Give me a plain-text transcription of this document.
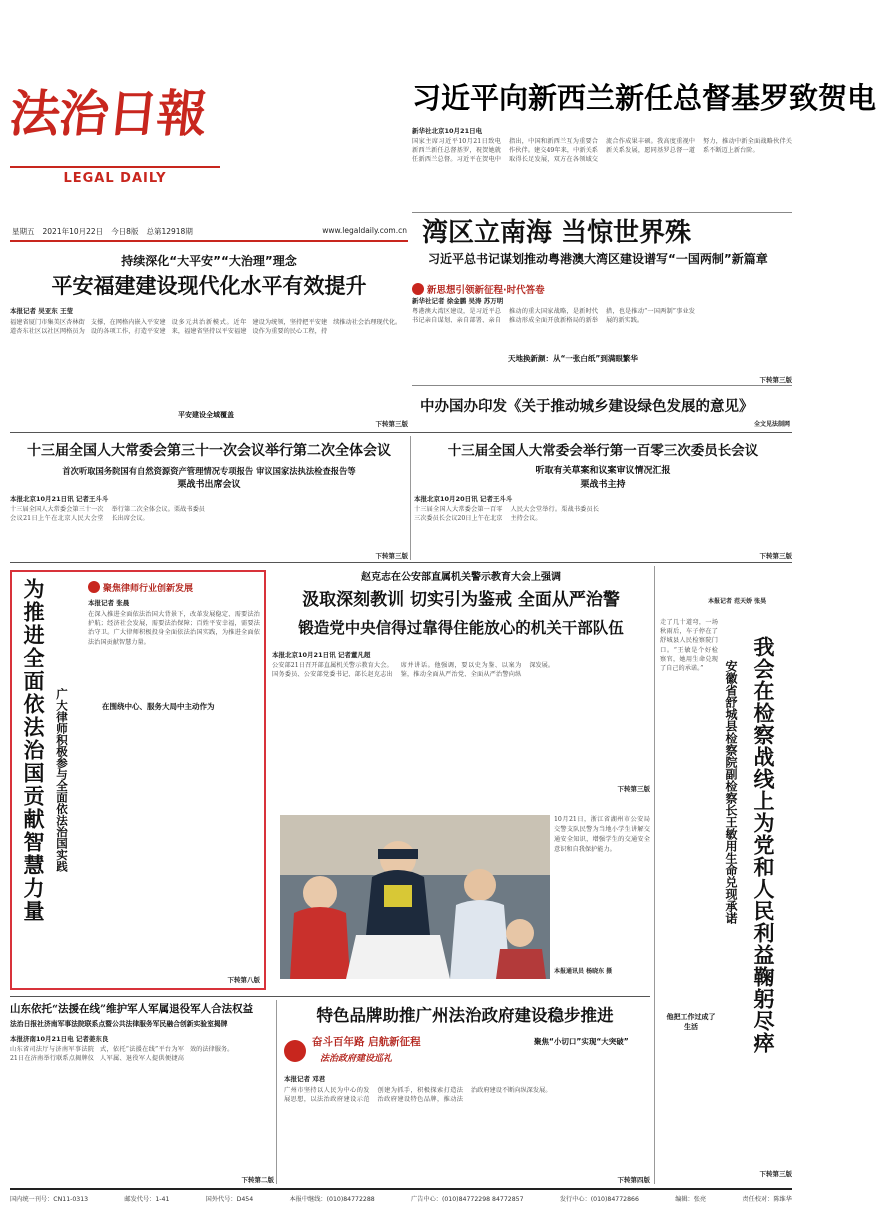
法治日報
LEGAL DAILY
星期五 2021年10月22日 今日8版 总第12918期	www.legaldaily.com.cn
习近平向新西兰新任总督基罗致贺电
新华社北京10月21日电
国家主席习近平10月21日致电新西兰新任总督基罗，祝贺她就任新西兰总督。习近平在贺电中指出，中国和新西兰互为重要合作伙伴。建交49年来，中新关系取得长足发展，双方在各领域交流合作成果丰硕。我高度重视中新关系发展，愿同基罗总督一道努力，推动中新全面战略伙伴关系不断迈上新台阶。
湾区立南海 当惊世界殊
习近平总书记谋划推动粤港澳大湾区建设谱写“一国两制”新篇章
新思想引领新征程·时代答卷
新华社记者 徐金鹏 吴涛 苏万明
粤港澳大湾区建设，是习近平总书记亲自谋划、亲自部署、亲自推动的重大国家战略，是新时代推动形成全面开放新格局的新举措，也是推动“一国两制”事业发展的新实践。
天地换新颜：从“一张白纸”到满眼繁华
下转第三版
中办国办印发《关于推动城乡建设绿色发展的意见》
全文见法制网
持续深化“大平安”“大治理”理念
平安福建建设现代化水平有效提升
本报记者 吴亚东 王莹
福建省厦门市集美区杏林街道杏东社区以社区网格员为支撑，在网格内嵌入平安建设的各项工作，打造平安建设多元共治新模式。近年来，福建省坚持以平安福建建设为统领，坚持把平安建设作为重要的民心工程，持续推动社会治理现代化。
平安建设全域覆盖
下转第三版
十三届全国人大常委会第三十一次会议举行第二次全体会议
首次听取国务院国有自然资源资产管理情况专项报告 审议国家法执法检查报告等
栗战书出席会议
本报北京10月21日讯 记者王斗斗
十三届全国人大常委会第三十一次会议21日上午在北京人民大会堂举行第二次全体会议。栗战书委员长出席会议。
下转第三版
十三届全国人大常委会举行第一百零三次委员长会议
听取有关草案和议案审议情况汇报
栗战书主持
本报北京10月20日讯 记者王斗斗
十三届全国人大常委会第一百零三次委员长会议20日上午在北京人民大会堂举行。栗战书委员长主持会议。
下转第三版
为推进全面依法治国贡献智慧力量 广大律师积极参与全面依法治国实践
聚焦律师行业创新发展
本报记者 张晨
在深入推进全面依法治国大背景下，改革发展稳定、需要法治护航；经济社会发展，需要法治保障；百姓平安幸福，需要法治守卫。广大律师积极投身全面依法治国实践，为推进全面依法治国贡献智慧力量。
在围绕中心、服务大局中主动作为
下转第八版
赵克志在公安部直属机关警示教育大会上强调
汲取深刻教训 切实引为鉴戒 全面从严治警
锻造党中央信得过靠得住能放心的机关干部队伍
本报北京10月21日讯 记者董凡超
公安部21日召开部直属机关警示教育大会。国务委员、公安部党委书记、部长赵克志出席并讲话。他强调，要以史为鉴、以案为鉴，推动全面从严治党、全面从严治警向纵深发展。
下转第三版
10月21日，浙江省湖州市公安局交警支队民警为当地小学生讲解交通安全知识，增强学生的交通安全意识和自我保护能力。
本报通讯员 杨晓东 摄
本报记者 范天娇 张昊
我会在检察战线上为党和人民利益鞠躬尽瘁
安徽省舒城县检察院副检察长王敏用生命兑现承诺
走了几十道弯，一场秋雨后，车子停在了舒城县人民检察院门口。“王敏是个好检察官，她用生命兑现了自己的承诺。”
他把工作过成了生活
下转第三版
山东依托“法援在线”维护军人军属退役军人合法权益
法治日报社济南军事法院联系点暨公共法律服务军民融合创新实验室揭牌
本报济南10月21日电 记者姜东良
山东省司法厅与济南军事法院21日在济南举行联系点揭牌仪式，依托“法援在线”平台为军人军属、退役军人提供便捷高效的法律服务。
下转第二版
特色品牌助推广州法治政府建设稳步推进
奋斗百年路 启航新征程
法治政府建设巡礼
聚焦“小切口”实现“大突破”
本报记者 邓君
广州市坚持以人民为中心的发展思想，以法治政府建设示范创建为抓手，积极探索打造法治政府建设特色品牌，推动法治政府建设不断向纵深发展。
下转第四版
国内统一刊号：CN11-0313	邮发代号：1-41	国外代号：D454	本报中继线：(010)84772288	广告中心：(010)84772298 84772857	发行中心：(010)84772866	编辑：张亮	责任校对：陈维华
